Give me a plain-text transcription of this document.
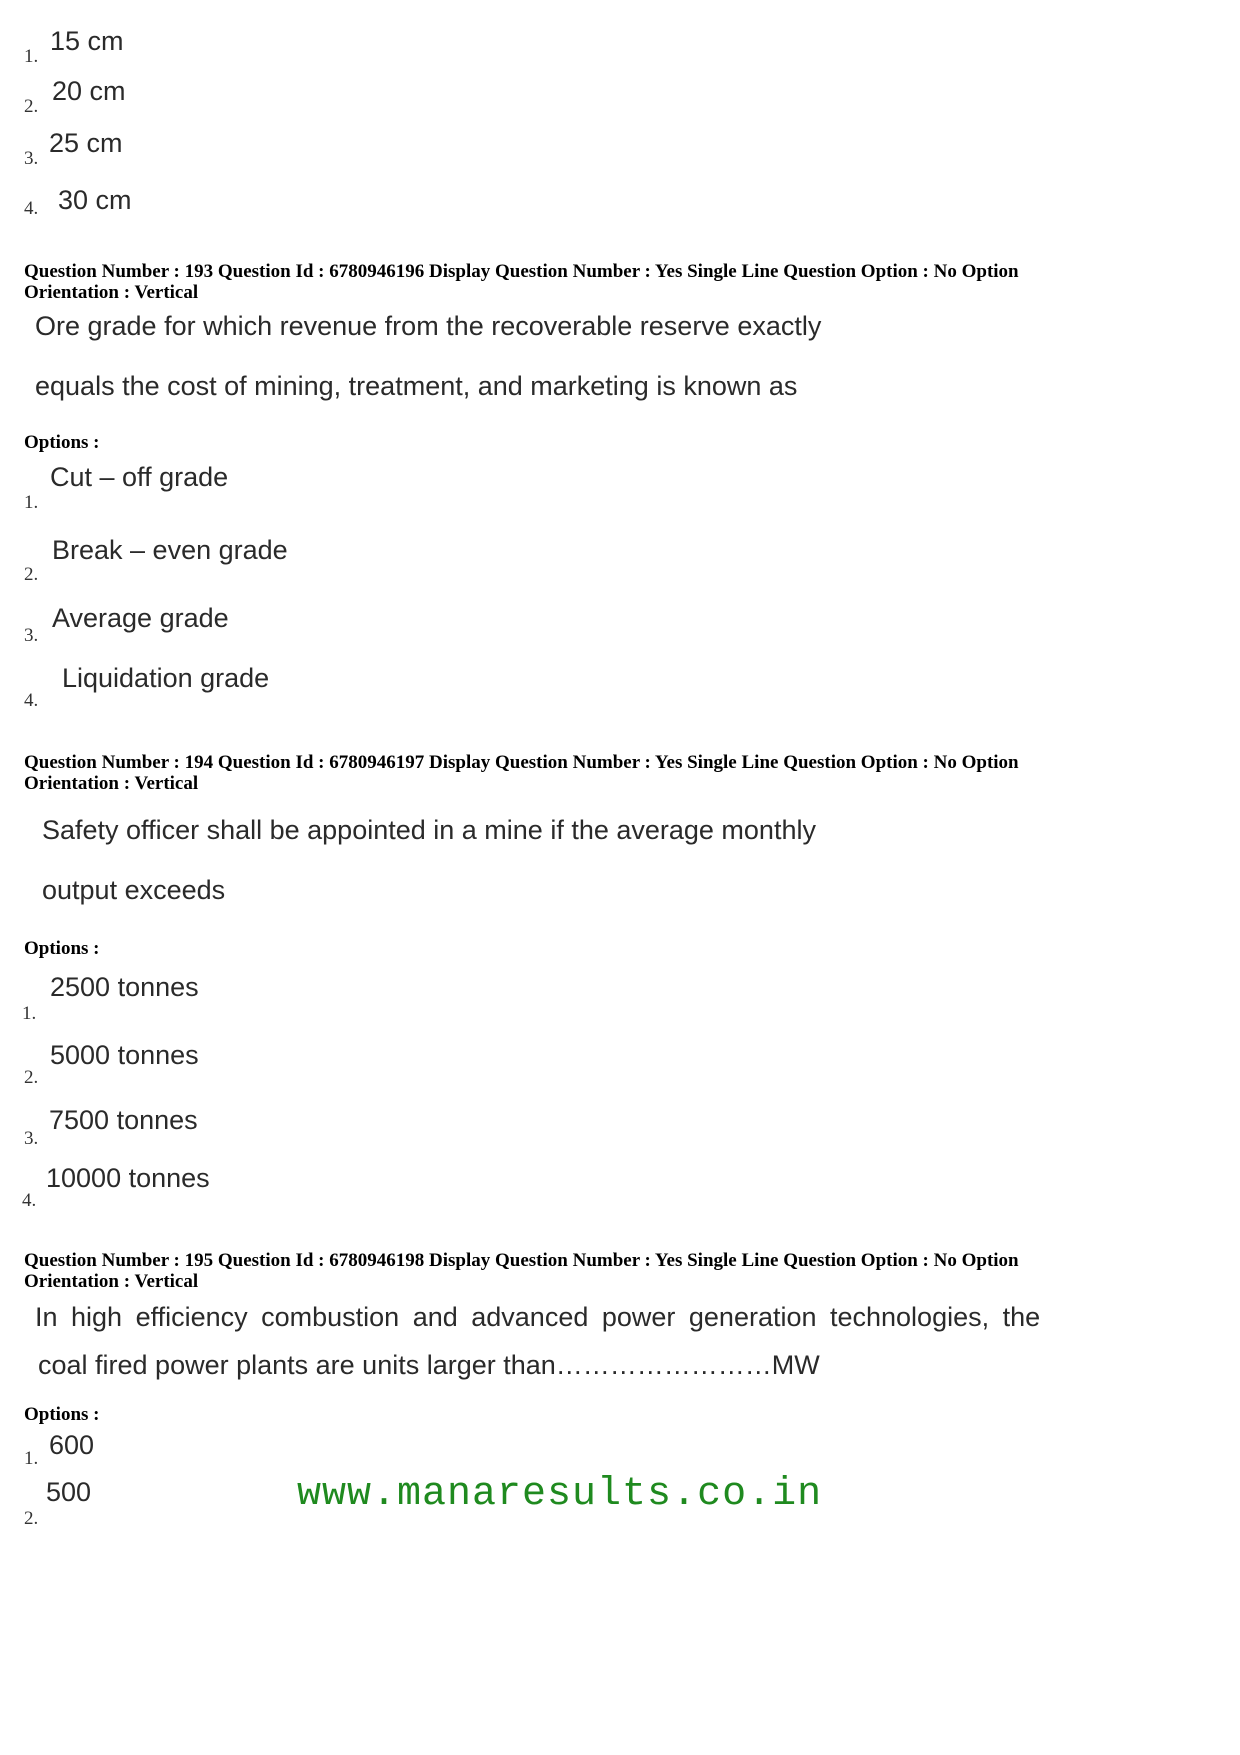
1.
15 cm
2.
20 cm
3.
25 cm
4. 30 cm
Question Number : 193 Question Id : 6780946196 Display Question Number : Yes Single Line Question Option : No Option
Orientation : Vertical
Ore grade for which revenue from the recoverable reserve exactly
equals the cost of mining, treatment, and marketing is known as
Options :
1.
Cut – off grade
2.
Break – even grade
3.
Average grade
4.
Liquidation grade
Question Number : 194 Question Id : 6780946197 Display Question Number : Yes Single Line Question Option : No Option
Orientation : Vertical
Safety officer shall be appointed in a mine if the average monthly
output exceeds
Options :
1.
2500 tonnes
2.
5000 tonnes
3.
7500 tonnes
4.
10000 tonnes
Question Number : 195 Question Id : 6780946198 Display Question Number : Yes Single Line Question Option : No Option
Orientation : Vertical
In high efficiency combustion and advanced power generation technologies, the
coal fired power plants are units larger than……………………MW
Options :
1. 600
2.
500	www.manaresults.co.in
